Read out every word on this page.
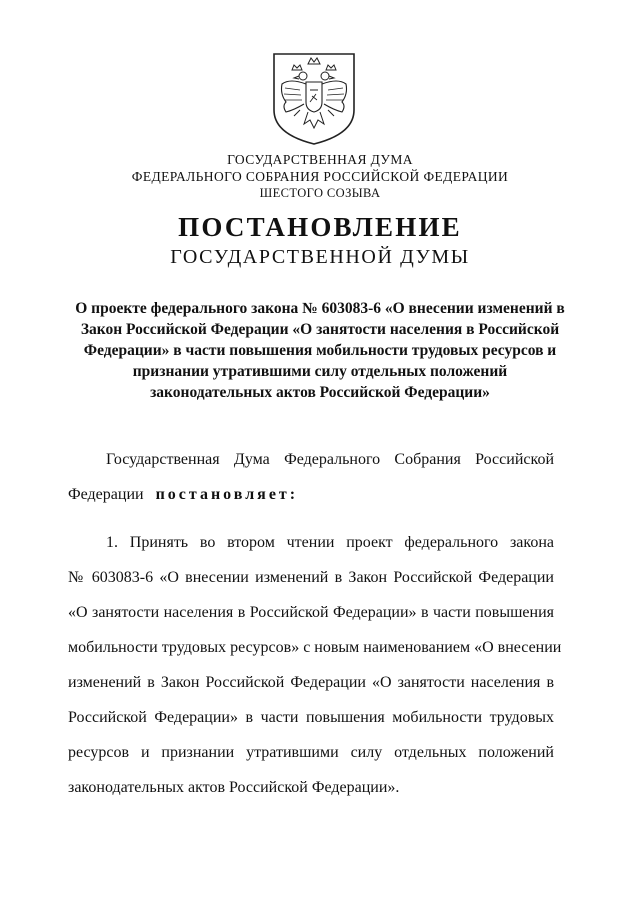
ГОСУДАРСТВЕННАЯ ДУМА
ФЕДЕРАЛЬНОГО СОБРАНИЯ РОССИЙСКОЙ ФЕДЕРАЦИИ
ШЕСТОГО СОЗЫВА
ПОСТАНОВЛЕНИЕ
ГОСУДАРСТВЕННОЙ ДУМЫ
О проекте федерального закона № 603083-6 «О внесении изменений в
Закон Российской Федерации «О занятости населения в Российской
Федерации» в части повышения мобильности трудовых ресурсов и
признании утратившими силу отдельных положений
законодательных актов Российской Федерации»
Государственная Дума Федерального Собрания Российской
Федерации постановляет:
1. Принять во втором чтении проект федерального закона
№ 603083-6 «О внесении изменений в Закон Российской Федерации
«О занятости населения в Российской Федерации» в части повышения
мобильности трудовых ресурсов» с новым наименованием «О внесении
изменений в Закон Российской Федерации «О занятости населения в
Российской Федерации» в части повышения мобильности трудовых
ресурсов и признании утратившими силу отдельных положений
законодательных актов Российской Федерации».
